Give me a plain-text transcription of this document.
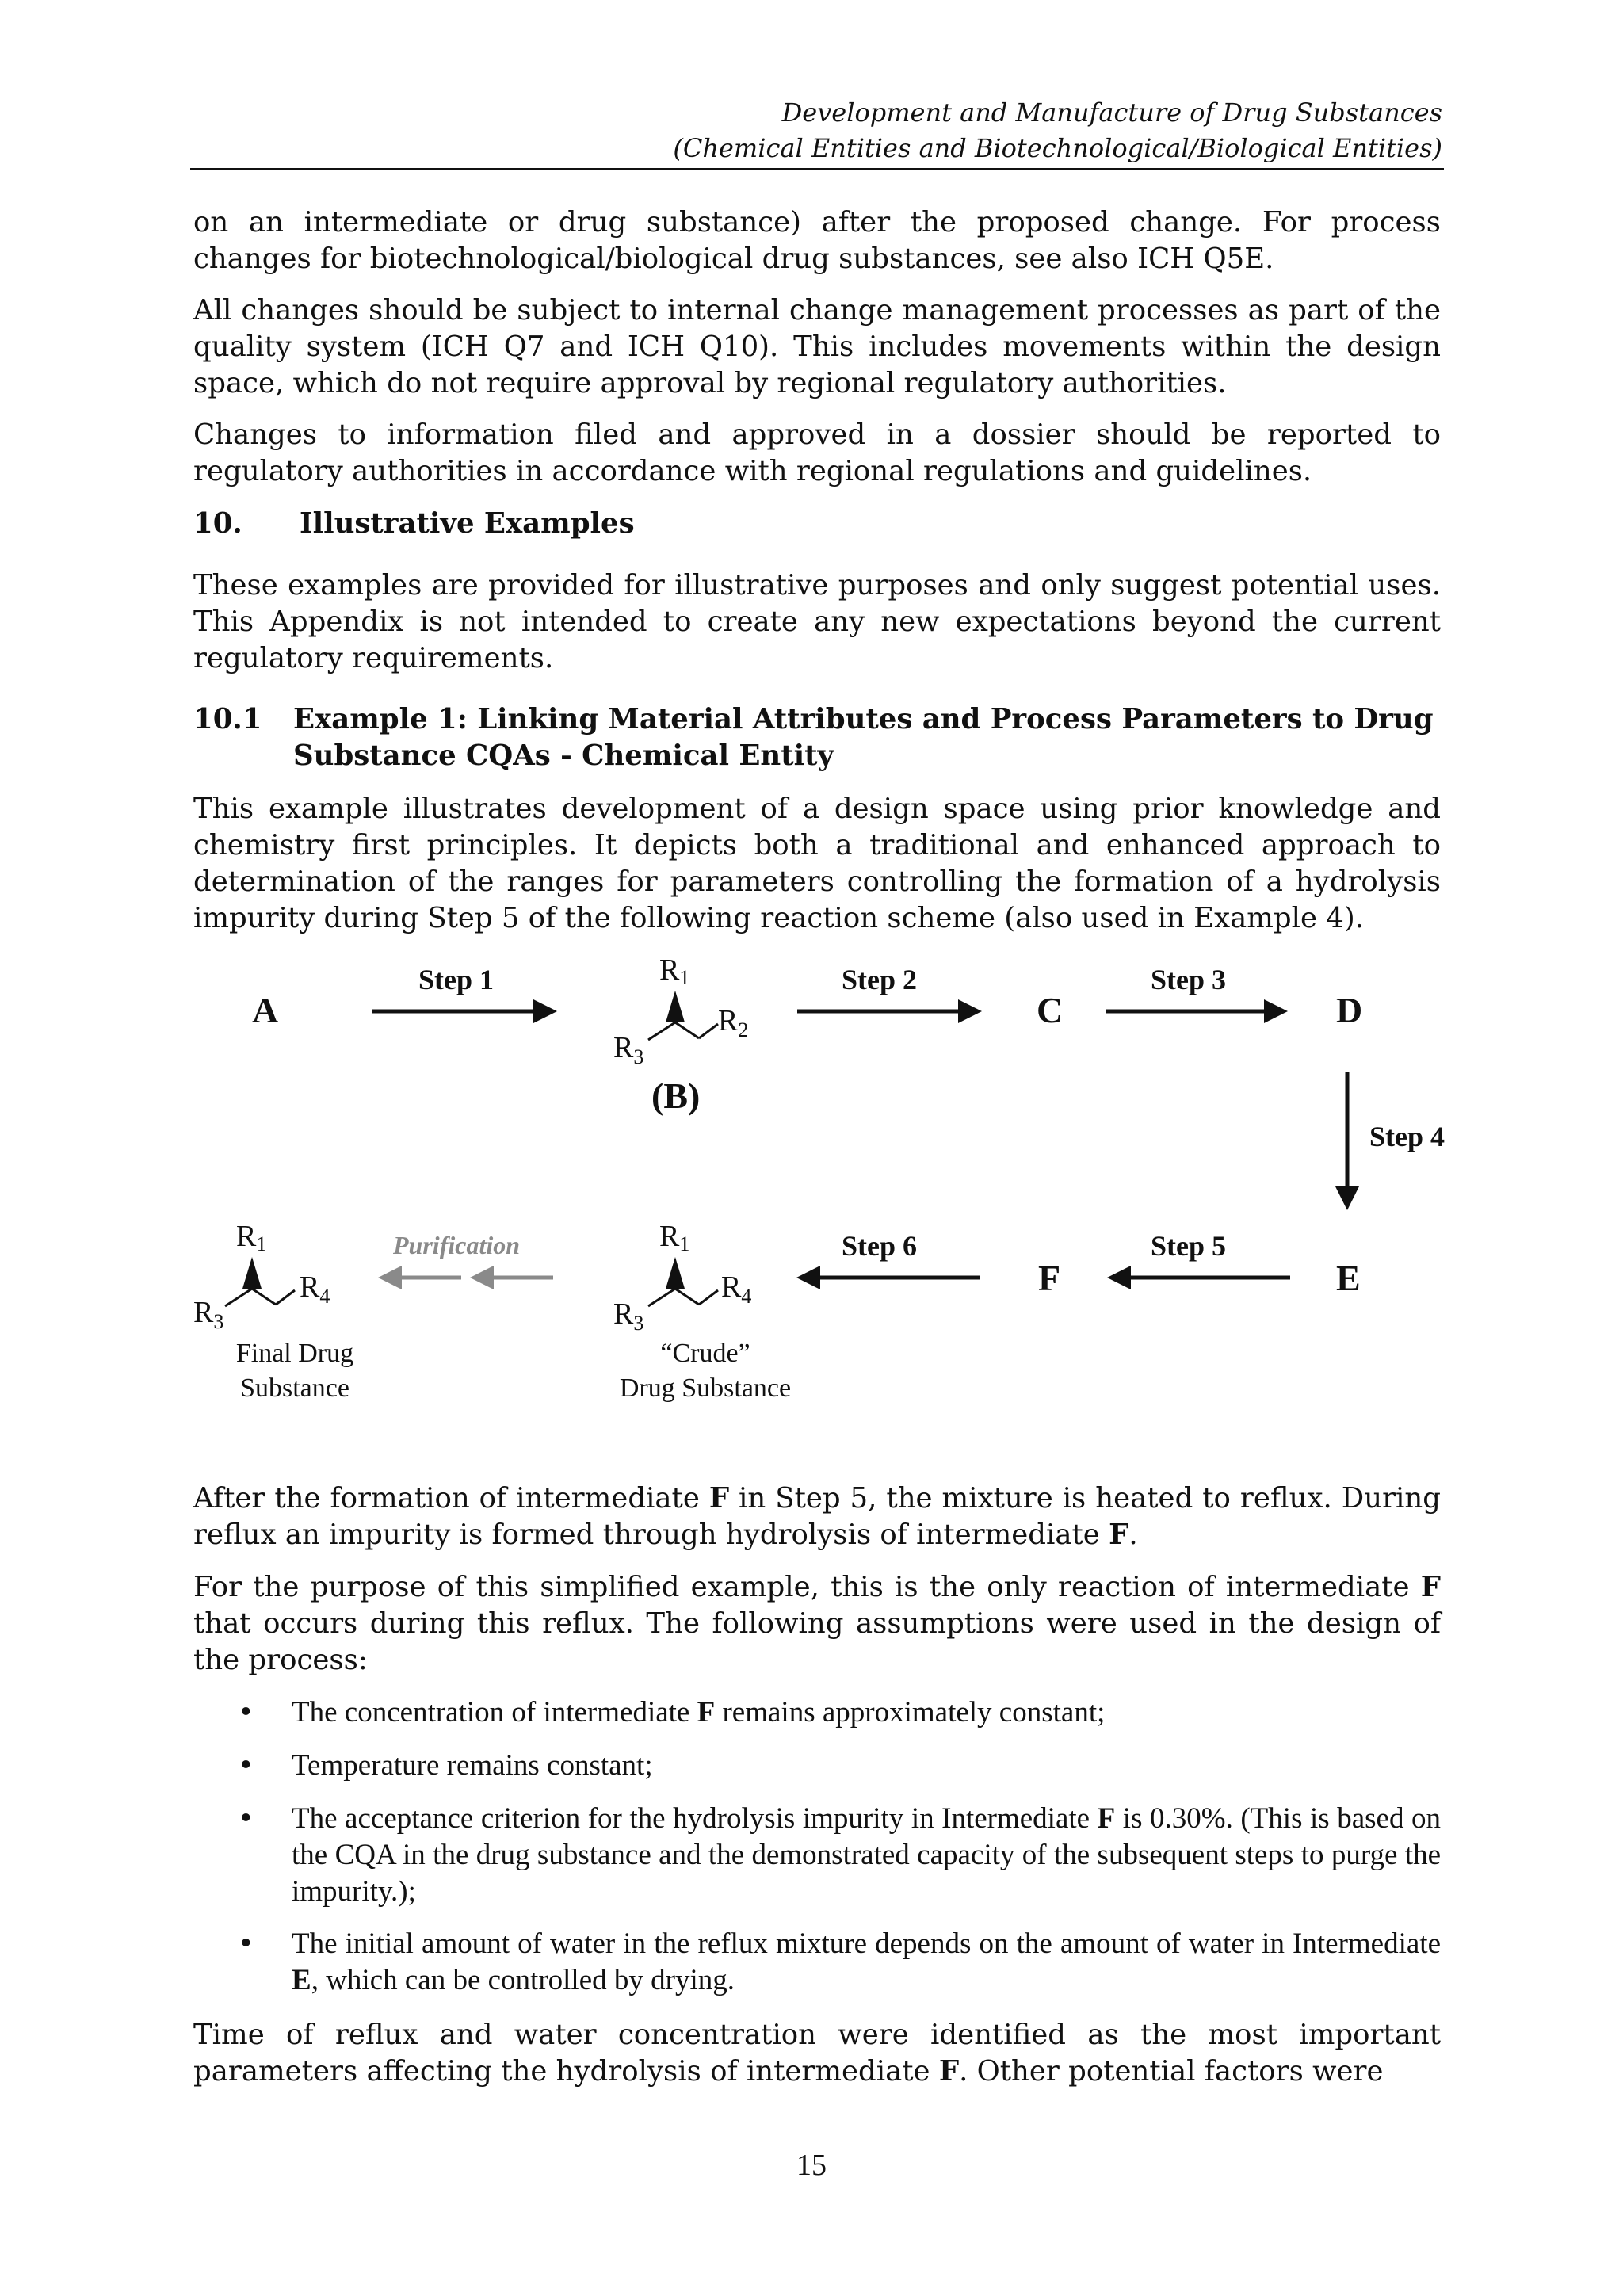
Development and Manufacture of Drug Substances
(Chemical Entities and Biotechnological/Biological Entities)

on an intermediate or drug substance) after the proposed change. For process changes for biotechnological/biological drug substances, see also ICH Q5E.

All changes should be subject to internal change management processes as part of the quality system (ICH Q7 and ICH Q10). This includes movements within the design space, which do not require approval by regional regulatory authorities.

Changes to information filed and approved in a dossier should be reported to regulatory authorities in accordance with regional regulations and guidelines.

10. Illustrative Examples

These examples are provided for illustrative purposes and only suggest potential uses. This Appendix is not intended to create any new expectations beyond the current regulatory requirements.

10.1 Example 1: Linking Material Attributes and Process Parameters to Drug
Substance CQAs - Chemical Entity

This example illustrates development of a design space using prior knowledge and chemistry first principles. It depicts both a traditional and enhanced approach to determination of the ranges for parameters controlling the formation of a hydrolysis impurity during Step 5 of the following reaction scheme (also used in Example 4).

A	C	D
E
F
(B)
Step 1	Step 2	Step 3
Step 4
Step 5
Step 6
Purification
R1
$R_3$
$R_2$
R1
$R_3$
$R_4$
“Crude”
Drug Substance
R1
$R_3$
$R_4$
Final Drug
Substance

After the formation of intermediate F in Step 5, the mixture is heated to reflux. During reflux an impurity is formed through hydrolysis of intermediate F.

For the purpose of this simplified example, this is the only reaction of intermediate F that occurs during this reflux. The following assumptions were used in the design of the process:

• The concentration of intermediate F remains approximately constant;

• Temperature remains constant;

• The acceptance criterion for the hydrolysis impurity in Intermediate F is 0.30%. (This is based on the CQA in the drug substance and the demonstrated capacity of the subsequent steps to purge the impurity.);

• The initial amount of water in the reflux mixture depends on the amount of water in Intermediate E, which can be controlled by drying.

Time of reflux and water concentration were identified as the most important parameters affecting the hydrolysis of intermediate F. Other potential factors were

15
